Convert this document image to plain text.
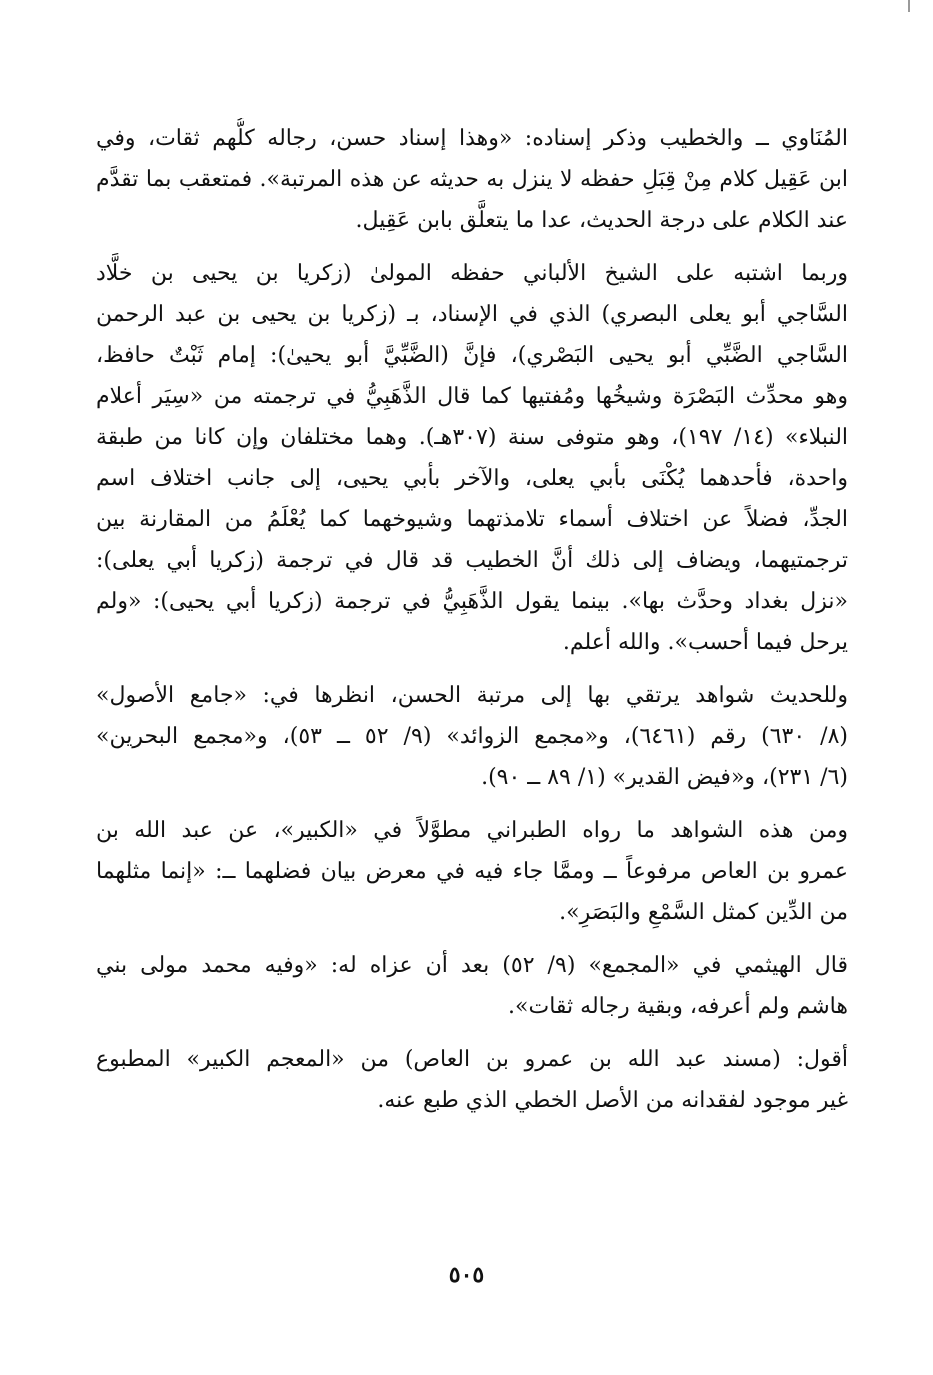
المُنَاوي ــ والخطيب وذكر إسناده: «وهذا إسناد حسن، رجاله كلُّهم ثقات، وفي
ابن عَقِيل كلام مِنْ قِبَلِ حفظه لا ينزل به حديثه عن هذه المرتبة». فمتعقب بما تقدَّم
عند الكلام على درجة الحديث، عدا ما يتعلَّق بابن عَقِيل.

وربما اشتبه على الشيخ الألباني حفظه المولىٰ (زكريا بن يحيى بن خلَّاد
السَّاجي أبو يعلى البصري) الذي في الإسناد، بـ (زكريا بن يحيى بن عبد الرحمن
السَّاجي الضَّبِّي أبو يحيى البَصْري)، فإنَّ (الضَّبِّيَّ أبو يحيىٰ): إمام ثَبْتٌ حافظ،
وهو محدِّث البَصْرَة وشيخُها ومُفتيها كما قال الذَّهَبِيُّ في ترجمته من «سِيَر أعلام
النبلاء» (١٤/ ١٩٧)، وهو متوفى سنة (٣٠٧هـ). وهما مختلفان وإن كانا من طبقة
واحدة، فأحدهما يُكْنَى بأبي يعلى، والآخر بأبي يحيى، إلى جانب اختلاف اسم
الجدِّ، فضلاً عن اختلاف أسماء تلامذتهما وشيوخهما كما يُعْلَمُ من المقارنة بين
ترجمتيهما، ويضاف إلى ذلك أنَّ الخطيب قد قال في ترجمة (زكريا أبي يعلى):
«نزل بغداد وحدَّث بها». بينما يقول الذَّهَبِيُّ في ترجمة (زكريا أبي يحيى): «ولم
يرحل فيما أحسب». والله أعلم.

وللحديث شواهد يرتقي بها إلى مرتبة الحسن، انظرها في: «جامع الأصول»
(٨/ ٦٣٠) رقم (٦٤٦١)، و«مجمع الزوائد» (٩/ ٥٢ ــ ٥٣)، و«مجمع البحرين»
(٦/ ٢٣١)، و«فيض القدير» (١/ ٨٩ ــ ٩٠).

ومن هذه الشواهد ما رواه الطبراني مطوَّلاً في «الكبير»، عن عبد الله بن
عمرو بن العاص مرفوعاً ــ وممَّا جاء فيه في معرض بيان فضلهما ــ: «إنما مثلهما
من الدِّين كمثل السَّمْعِ والبَصَرِ».

قال الهيثمي في «المجمع» (٩/ ٥٢) بعد أن عزاه له: «وفيه محمد مولى بني
هاشم ولم أعرفه، وبقية رجاله ثقات».

أقول: (مسند عبد الله بن عمرو بن العاص) من «المعجم الكبير» المطبوع
غير موجود لفقدانه من الأصل الخطي الذي طبع عنه.

٥٠٥
